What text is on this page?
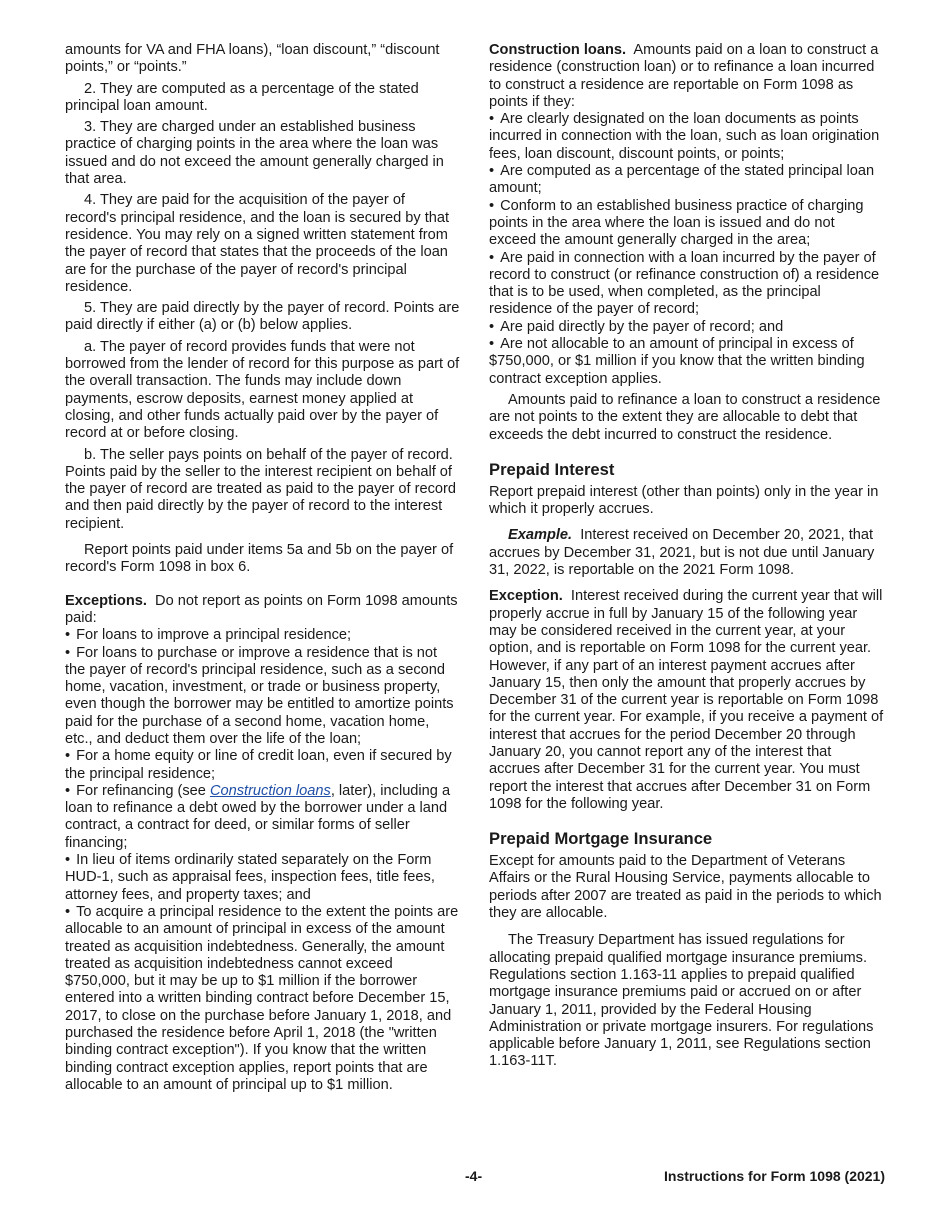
amounts for VA and FHA loans), “loan discount,” “discount points,” or “points.”

2. They are computed as a percentage of the stated principal loan amount.

3. They are charged under an established business practice of charging points in the area where the loan was issued and do not exceed the amount generally charged in that area.

4. They are paid for the acquisition of the payer of record's principal residence, and the loan is secured by that residence. You may rely on a signed written statement from the payer of record that states that the proceeds of the loan are for the purchase of the payer of record's principal residence.

5. They are paid directly by the payer of record. Points are paid directly if either (a) or (b) below applies.

a. The payer of record provides funds that were not borrowed from the lender of record for this purpose as part of the overall transaction. The funds may include down payments, escrow deposits, earnest money applied at closing, and other funds actually paid over by the payer of record at or before closing.

b. The seller pays points on behalf of the payer of record. Points paid by the seller to the interest recipient on behalf of the payer of record are treated as paid to the payer of record and then paid directly by the payer of record to the interest recipient.

Report points paid under items 5a and 5b on the payer of record's Form 1098 in box 6.

Exceptions. Do not report as points on Form 1098 amounts paid:

• For loans to improve a principal residence;

• For loans to purchase or improve a residence that is not the payer of record's principal residence, such as a second home, vacation, investment, or trade or business property, even though the borrower may be entitled to amortize points paid for the purchase of a second home, vacation home, etc., and deduct them over the life of the loan;

• For a home equity or line of credit loan, even if secured by the principal residence;

• For refinancing (see Construction loans, later), including a loan to refinance a debt owed by the borrower under a land contract, a contract for deed, or similar forms of seller financing;

• In lieu of items ordinarily stated separately on the Form HUD-1, such as appraisal fees, inspection fees, title fees, attorney fees, and property taxes; and

• To acquire a principal residence to the extent the points are allocable to an amount of principal in excess of the amount treated as acquisition indebtedness. Generally, the amount treated as acquisition indebtedness cannot exceed $750,000, but it may be up to $1 million if the borrower entered into a written binding contract before December 15, 2017, to close on the purchase before January 1, 2018, and purchased the residence before April 1, 2018 (the "written binding contract exception"). If you know that the written binding contract exception applies, report points that are allocable to an amount of principal up to $1 million.

Construction loans. Amounts paid on a loan to construct a residence (construction loan) or to refinance a loan incurred to construct a residence are reportable on Form 1098 as points if they:

• Are clearly designated on the loan documents as points incurred in connection with the loan, such as loan origination fees, loan discount, discount points, or points;

• Are computed as a percentage of the stated principal loan amount;

• Conform to an established business practice of charging points in the area where the loan is issued and do not exceed the amount generally charged in the area;

• Are paid in connection with a loan incurred by the payer of record to construct (or refinance construction of) a residence that is to be used, when completed, as the principal residence of the payer of record;

• Are paid directly by the payer of record; and

• Are not allocable to an amount of principal in excess of $750,000, or $1 million if you know that the written binding contract exception applies.

Amounts paid to refinance a loan to construct a residence are not points to the extent they are allocable to debt that exceeds the debt incurred to construct the residence.

Prepaid Interest

Report prepaid interest (other than points) only in the year in which it properly accrues.

Example. Interest received on December 20, 2021, that accrues by December 31, 2021, but is not due until January 31, 2022, is reportable on the 2021 Form 1098.

Exception. Interest received during the current year that will properly accrue in full by January 15 of the following year may be considered received in the current year, at your option, and is reportable on Form 1098 for the current year. However, if any part of an interest payment accrues after January 15, then only the amount that properly accrues by December 31 of the current year is reportable on Form 1098 for the current year. For example, if you receive a payment of interest that accrues for the period December 20 through January 20, you cannot report any of the interest that accrues after December 31 for the current year. You must report the interest that accrues after December 31 on Form 1098 for the following year.

Prepaid Mortgage Insurance

Except for amounts paid to the Department of Veterans Affairs or the Rural Housing Service, payments allocable to periods after 2007 are treated as paid in the periods to which they are allocable.

The Treasury Department has issued regulations for allocating prepaid qualified mortgage insurance premiums. Regulations section 1.163-11 applies to prepaid qualified mortgage insurance premiums paid or accrued on or after January 1, 2011, provided by the Federal Housing Administration or private mortgage insurers. For regulations applicable before January 1, 2011, see Regulations section 1.163-11T.

-4-	Instructions for Form 1098 (2021)
